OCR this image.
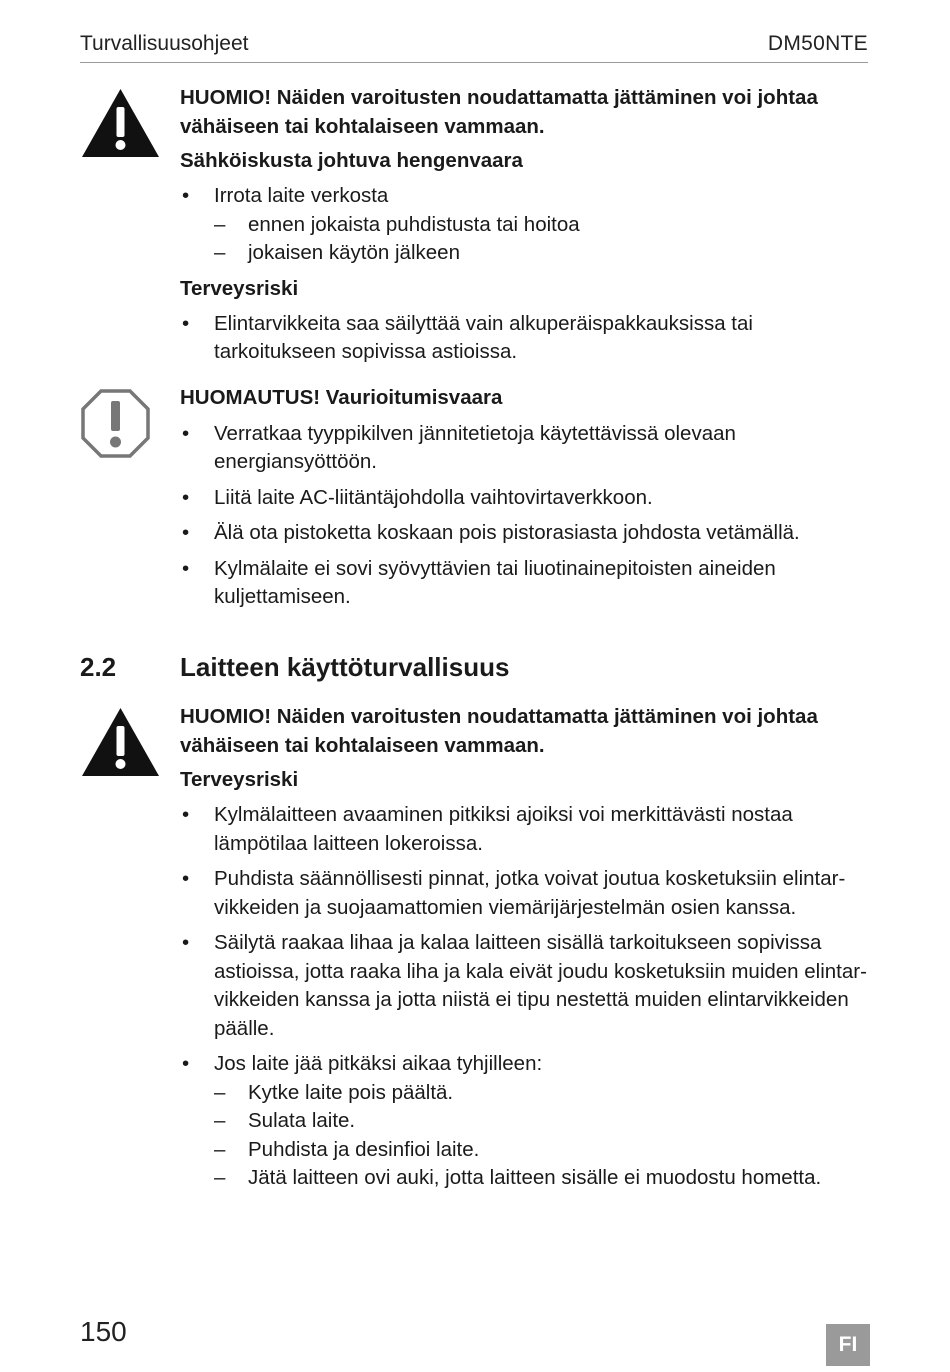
Turvallisuusohjeet	DM50NTE

HUOMIO! Näiden varoitusten noudattamatta jättäminen voi johtaa vähäiseen tai kohtalaiseen vammaan.

Sähköiskusta johtuva hengenvaara

• Irrota laite verkosta
– ennen jokaista puhdistusta tai hoitoa
– jokaisen käytön jälkeen

Terveysriski

• Elintarvikkeita saa säilyttää vain alkuperäispakkauksissa tai tarkoitukseen sopivissa astioissa.

HUOMAUTUS! Vaurioitumisvaara

• Verratkaa tyyppikilven jännitetietoja käytettävissä olevaan energiansyöttöön.
• Liitä laite AC-liitäntäjohdolla vaihtovirtaverkkoon.
• Älä ota pistoketta koskaan pois pistorasiasta johdosta vetämällä.
• Kylmälaite ei sovi syövyttävien tai liuotinainepitoisten aineiden kuljettamiseen.
2.2 Laitteen käyttöturvallisuus

HUOMIO! Näiden varoitusten noudattamatta jättäminen voi johtaa vähäiseen tai kohtalaiseen vammaan.

Terveysriski

• Kylmälaitteen avaaminen pitkiksi ajoiksi voi merkittävästi nostaa lämpötilaa laitteen lokeroissa.
• Puhdista säännöllisesti pinnat, jotka voivat joutua kosketuksiin elintarvikkeiden ja suojaamattomien viemärijärjestelmän osien kanssa.
• Säilytä raakaa lihaa ja kalaa laitteen sisällä tarkoitukseen sopivissa astioissa, jotta raaka liha ja kala eivät joudu kosketuksiin muiden elintarvikkeiden kanssa ja jotta niistä ei tipu nestettä muiden elintarvikkeiden päälle.
• Jos laite jää pitkäksi aikaa tyhjilleen:
– Kytke laite pois päältä.
– Sulata laite.
– Puhdista ja desinfioi laite.
– Jätä laitteen ovi auki, jotta laitteen sisälle ei muodostu hometta.
150	FI
